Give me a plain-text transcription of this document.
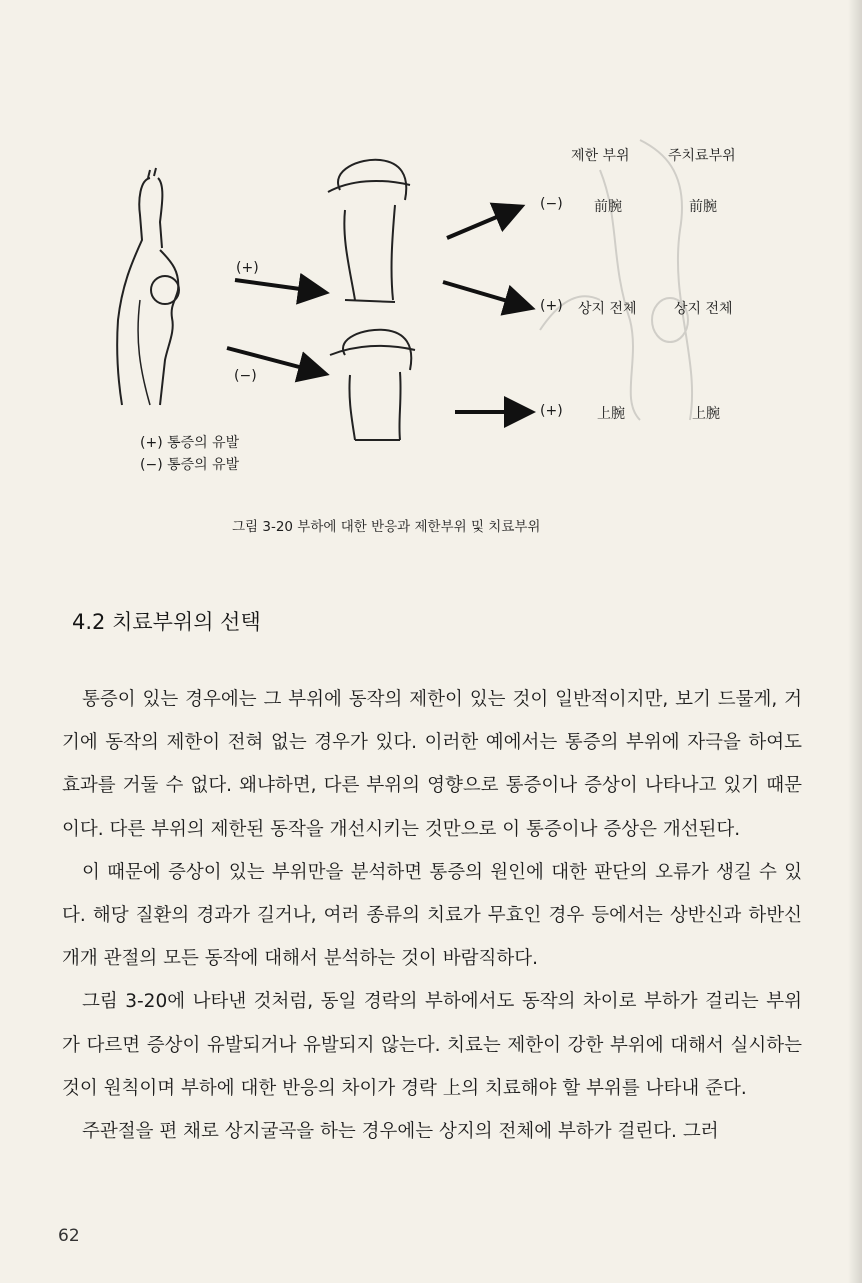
제한 부위	주치료부위
(+)
(−)
(−) 前腕	前腕
(+) 상지 전체	상지 전체
(+) 上腕	上腕
(+) 통증의 유발
(−) 통증의 유발
그림 3-20 부하에 대한 반응과 제한부위 및 치료부위
4.2 치료부위의 선택

통증이 있는 경우에는 그 부위에 동작의 제한이 있는 것이 일반적이지만, 보기 드물게, 거기에 동작의 제한이 전혀 없는 경우가 있다. 이러한 예에서는 통증의 부위에 자극을 하여도 효과를 거둘 수 없다. 왜냐하면, 다른 부위의 영향으로 통증이나 증상이 나타나고 있기 때문이다. 다른 부위의 제한된 동작을 개선시키는 것만으로 이 통증이나 증상은 개선된다.

이 때문에 증상이 있는 부위만을 분석하면 통증의 원인에 대한 판단의 오류가 생길 수 있다. 해당 질환의 경과가 길거나, 여러 종류의 치료가 무효인 경우 등에서는 상반신과 하반신 개개 관절의 모든 동작에 대해서 분석하는 것이 바람직하다.

그림 3-20에 나타낸 것처럼, 동일 경락의 부하에서도 동작의 차이로 부하가 걸리는 부위가 다르면 증상이 유발되거나 유발되지 않는다. 치료는 제한이 강한 부위에 대해서 실시하는 것이 원칙이며 부하에 대한 반응의 차이가 경락 上의 치료해야 할 부위를 나타내 준다.

주관절을 편 채로 상지굴곡을 하는 경우에는 상지의 전체에 부하가 걸린다. 그러

62
